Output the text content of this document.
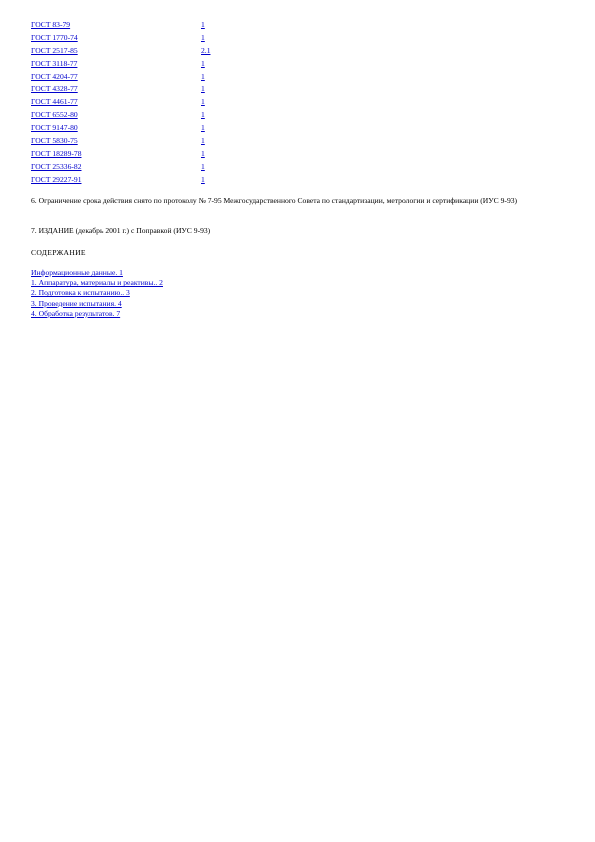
ГОСТ 83-79	1
ГОСТ 1770-74	1
ГОСТ 2517-85	2.1
ГОСТ 3118-77	1
ГОСТ 4204-77	1
ГОСТ 4328-77	1
ГОСТ 4461-77	1
ГОСТ 6552-80	1
ГОСТ 9147-80	1
ГОСТ 5830-75	1
ГОСТ 18289-78	1
ГОСТ 25336-82	1
ГОСТ 29227-91	1
6. Ограничение срока действия снято по протоколу № 7-95 Межгосударственного Совета по стандартизации, метрологии и сертификации (ИУС 9-93)
7. ИЗДАНИЕ (декабрь 2001 г.) с Поправкой (ИУС 9-93)
СОДЕРЖАНИЕ
Информационные данные. 1
1. Аппаратура, материалы и реактивы.. 2
2. Подготовка к испытанию.. 3
3. Проведение испытания. 4
4. Обработка результатов. 7
